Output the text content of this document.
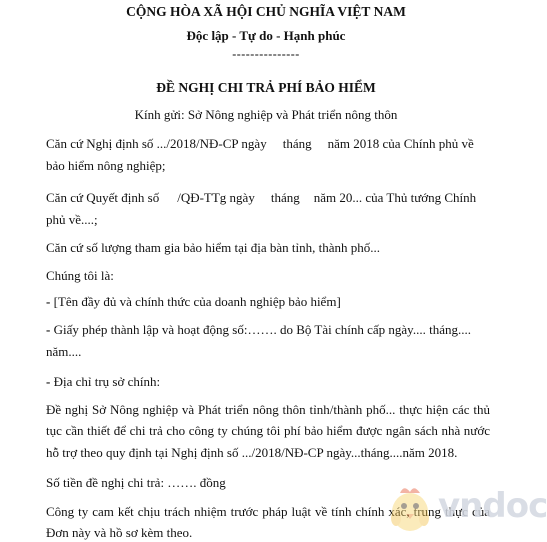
CỘNG HÒA XÃ HỘI CHỦ NGHĨA VIỆT NAM
Độc lập - Tự do - Hạnh phúc
---------------
ĐỀ NGHỊ CHI TRẢ PHÍ BẢO HIỂM
Kính gửi: Sở Nông nghiệp và Phát triển nông thôn
Căn cứ Nghị định số .../2018/NĐ-CP ngày tháng năm 2018 của Chính phủ về
bảo hiểm nông nghiệp;
Căn cứ Quyết định số /QĐ-TTg ngày tháng năm 20... của Thủ tướng Chính
phủ về....;
Căn cứ số lượng tham gia bảo hiểm tại địa bàn tỉnh, thành phố...
Chúng tôi là:
- [Tên đầy đủ và chính thức của doanh nghiệp bảo hiểm]
- Giấy phép thành lập và hoạt động số:……. do Bộ Tài chính cấp ngày.... tháng....
năm....
- Địa chỉ trụ sở chính:
Đề nghị Sở Nông nghiệp và Phát triển nông thôn tỉnh/thành phố... thực hiện các thủ
tục cần thiết để chi trả cho công ty chúng tôi phí bảo hiểm được ngân sách nhà nước
hỗ trợ theo quy định tại Nghị định số .../2018/NĐ-CP ngày...tháng....năm 2018.
Số tiền đề nghị chi trả: ……. đồng
Công ty cam kết chịu trách nhiệm trước pháp luật về tính chính xác, trung thực của
Đơn này và hồ sơ kèm theo.
vndoc
